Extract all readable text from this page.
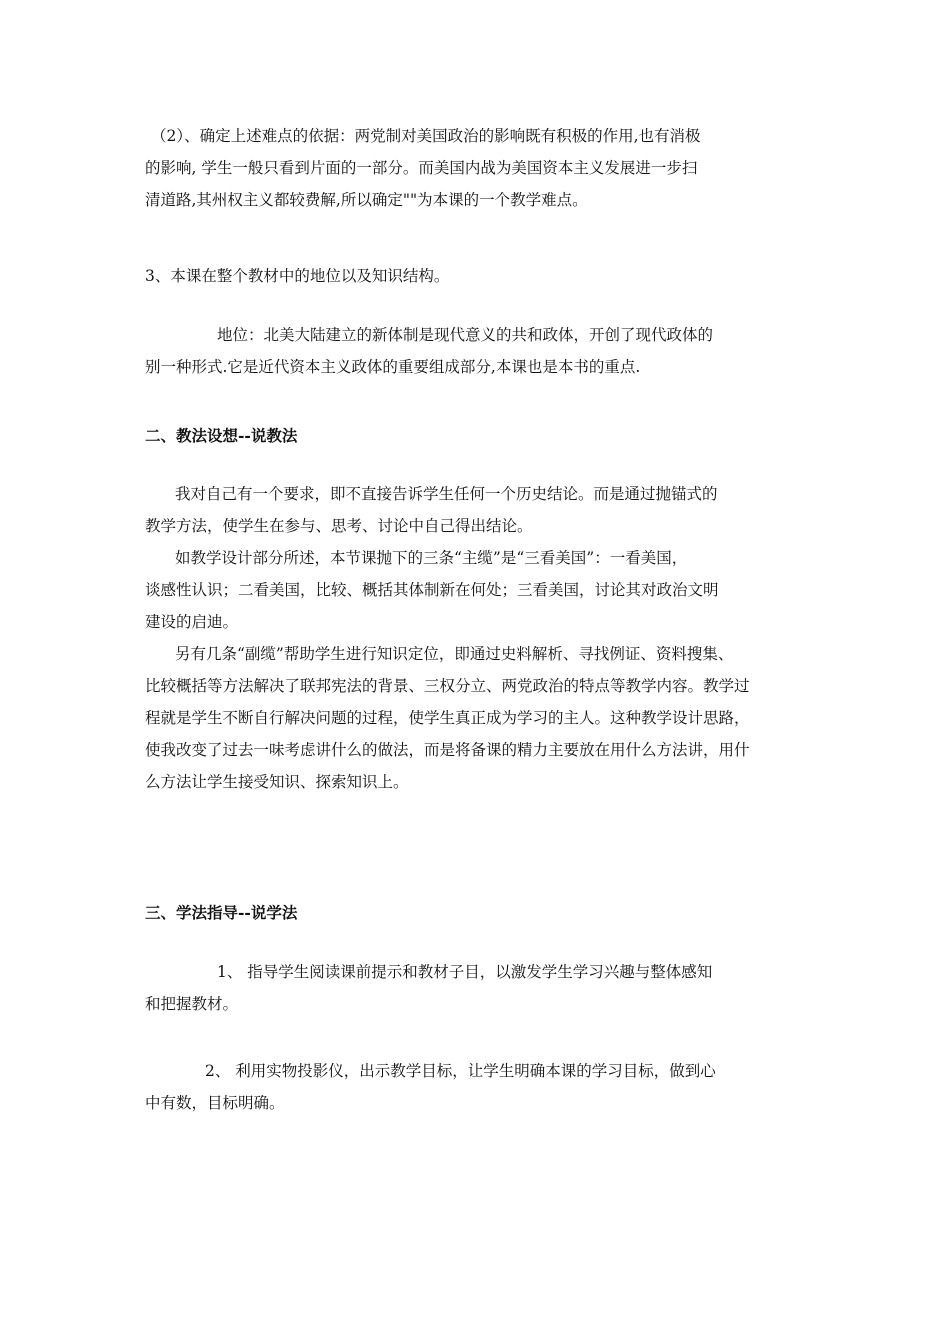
（2）、确定上述难点的依据：两党制对美国政治的影响既有积极的作用,也有消极
的影响, 学生一般只看到片面的一部分。而美国内战为美国资本主义发展进一步扫
清道路,其州权主义都较费解,所以确定""为本课的一个教学难点。

3、本课在整个教材中的地位以及知识结构。

地位：北美大陆建立的新体制是现代意义的共和政体，开创了现代政体的
别一种形式.它是近代资本主义政体的重要组成部分,本课也是本书的重点.

二、教法设想--说教法

我对自己有一个要求，即不直接告诉学生任何一个历史结论。而是通过抛锚式的
教学方法，使学生在参与、思考、讨论中自己得出结论。
如教学设计部分所述，本节课抛下的三条“主缆”是“三看美国”：一看美国，
谈感性认识；二看美国，比较、概括其体制新在何处；三看美国，讨论其对政治文明
建设的启迪。
另有几条“副缆”帮助学生进行知识定位，即通过史料解析、寻找例证、资料搜集、
比较概括等方法解决了联邦宪法的背景、三权分立、两党政治的特点等教学内容。教学过
程就是学生不断自行解决问题的过程，使学生真正成为学习的主人。这种教学设计思路，
使我改变了过去一味考虑讲什么的做法，而是将备课的精力主要放在用什么方法讲，用什
么方法让学生接受知识、探索知识上。

三、学法指导--说学法

1、 指导学生阅读课前提示和教材子目，以激发学生学习兴趣与整体感知
和把握教材。

2、 利用实物投影仪，出示教学目标，让学生明确本课的学习目标，做到心
中有数，目标明确。
